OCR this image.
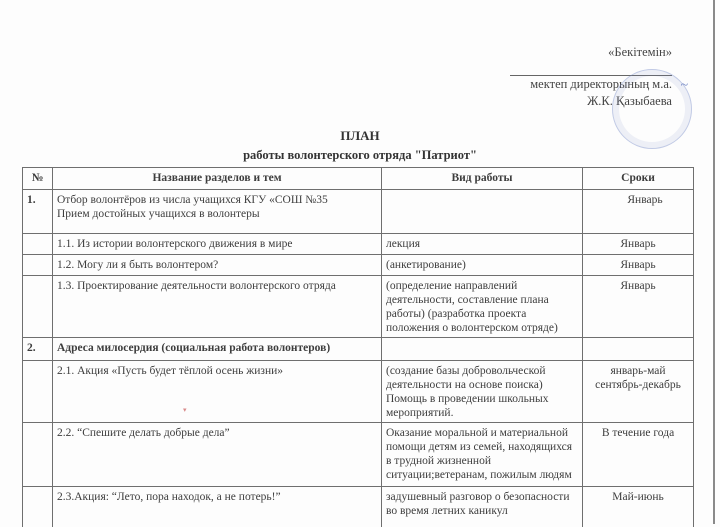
«Бекітемін»
~
мектеп директорының м.а.
Ж.К. Қазыбаева
ПЛАН
работы волонтерского отряда "Патриот"
№	Название разделов и тем	Вид работы	Сроки
1.	Отбор волонтёров из числа учащихся КГУ «СОШ №35
Прием достойных учащихся в волонтеры		Январь
	1.1. Из истории волонтерского движения в мире	лекция	Январь
	1.2. Могу ли я быть волонтером?	(анкетирование)	Январь
	1.3. Проектирование деятельности волонтерского отряда	(определение направлений деятельности, составление плана работы) (разработка проекта положения о волонтерском отряде)	Январь
2.	Адреса милосердия (социальная работа волонтеров)		
	2.1. Акция «Пусть будет тёплой осень жизни»	(создание базы добровольческой деятельности на основе поиска) Помощь в проведении школьных мероприятий.	январь-май сентябрь-декабрь
	2.2. “Спешите делать добрые дела”	Оказание моральной и материальной помощи детям из семей, находящихся в трудной жизненной ситуации;ветеранам, пожилым людям	В течение года
	2.3.Акция: “Лето, пора находок, а не потерь!”	задушевный разговор о безопасности во время летних каникул	Май-июнь
▾
